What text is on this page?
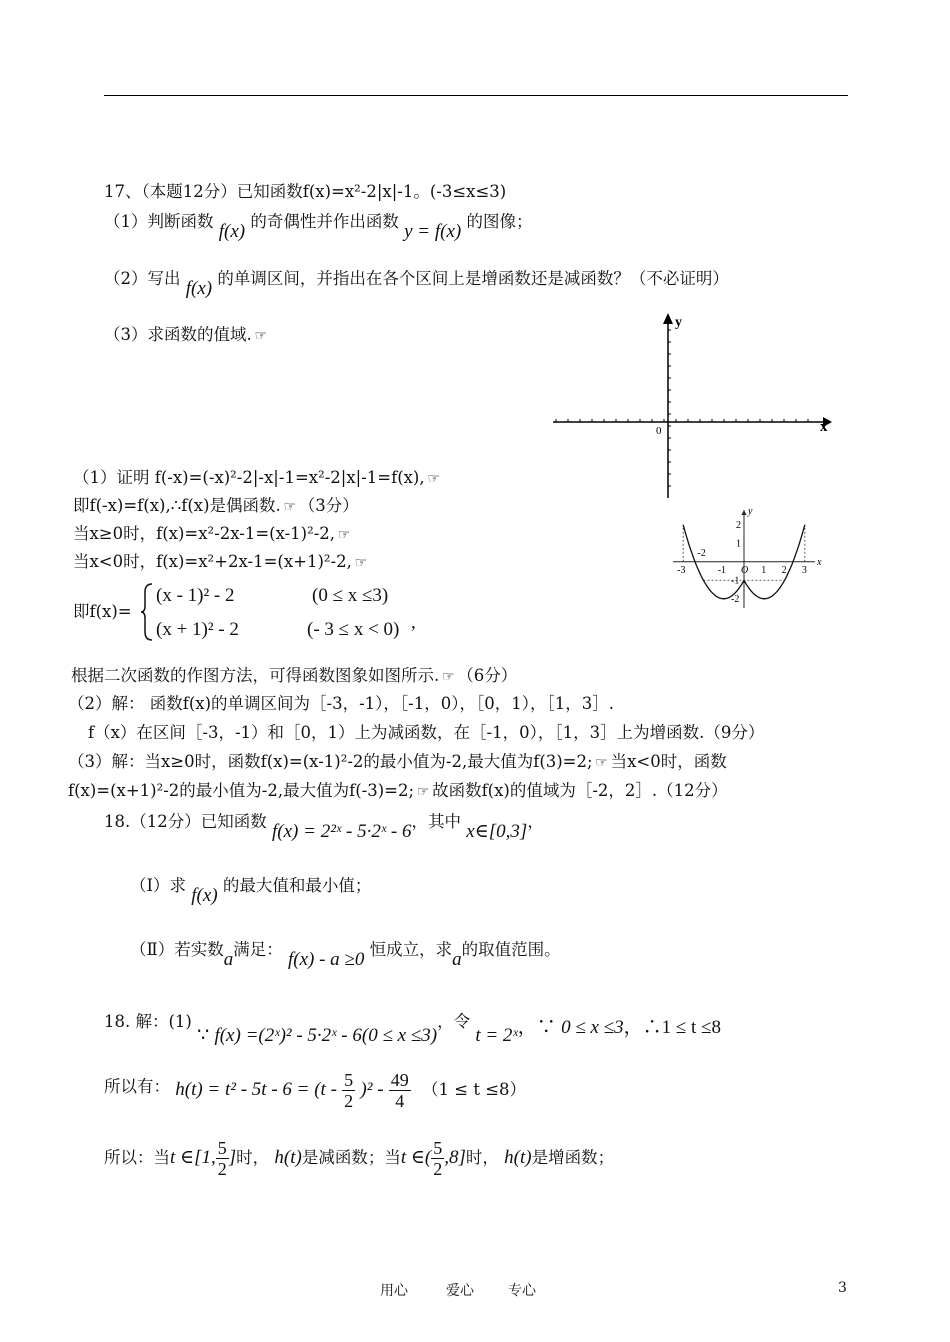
17、（本题12分）已知函数f(x)=x²-2|x|-1。(-3≤x≤3)
（1）判断函数 f(x) 的奇偶性并作出函数 y = f(x) 的图像；
（2）写出 f(x) 的单调区间，并指出在各个区间上是增函数还是减函数？（不必证明）
（3）求函数的值域. ☞
y
x
0
x
y
-3
-2
-1 O 1 2 3
2
1
-1
-2
（1）证明 f(-x)=(-x)²-2|-x|-1=x²-2|x|-1=f(x), ☞
即f(-x)=f(x),∴f(x)是偶函数. ☞ （3分）
当x≥0时，f(x)=x²-2x-1=(x-1)²-2, ☞
当x<0时，f(x)=x²+2x-1=(x+1)²-2, ☞
即f(x)=
(x - 1)² - 2	(0 ≤ x ≤3)
(x + 1)² - 2	(- 3 ≤ x < 0) ,
根据二次函数的作图方法，可得函数图象如图所示. ☞ （6分）
（2）解： 函数f(x)的单调区间为［-3，-1），［-1，0），［0，1），［1，3］.
f（x）在区间［-3，-1）和［0，1）上为减函数，在［-1，0），［1，3］上为增函数.（9分）
（3）解：当x≥0时，函数f(x)=(x-1)²-2的最小值为-2,最大值为f(3)=2; ☞ 当x<0时，函数
f(x)=(x+1)²-2的最小值为-2,最大值为f(-3)=2; ☞ 故函数f(x)的值域为［-2，2］.（12分）
18.（12分）已知函数 f(x) = 2²ˣ - 5·2ˣ - 6，其中 x∈[0,3]，
（Ⅰ）求 f(x) 的最大值和最小值；
（Ⅱ）若实数a满足： f(x) - a ≥0 恒成立，求a的取值范围。
18. 解：(1) ∵ f(x) =(2ˣ)² - 5·2ˣ - 6(0 ≤ x ≤3)，令 t = 2ˣ，∵ 0 ≤ x ≤3，∴1 ≤ t ≤8
所以有： $h(t) = t^2 - 5t - 6 = (t - \frac{5}{2} )^2 - \frac{49}{4} (1 \le t \le 8)$
所以：当t ∈[1, $\frac{5}{2}$ ]时， h(t)是减函数；当t ∈( $\frac{5}{2} ,8$]时， h(t)是增函数；
用心	爱心 专心	3
